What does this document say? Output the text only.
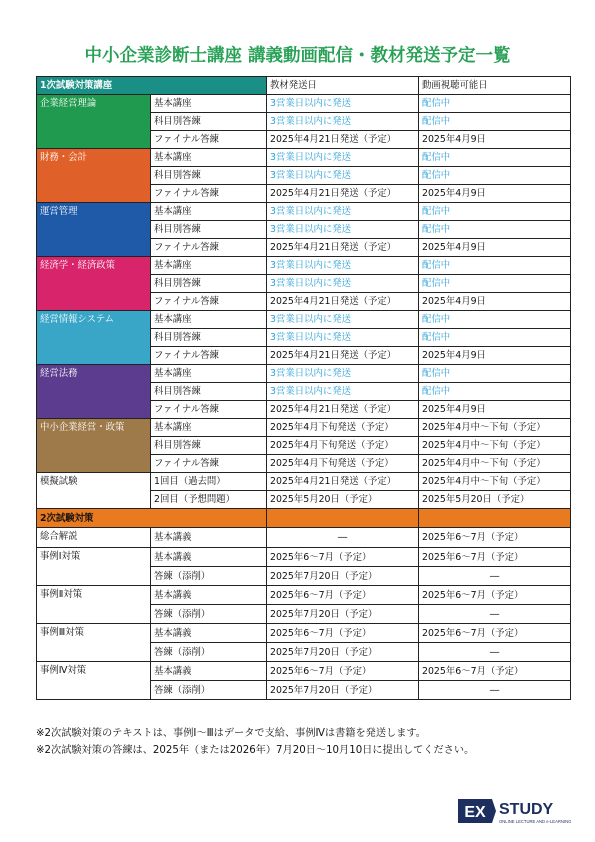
中小企業診断士講座 講義動画配信・教材発送予定一覧
1次試験対策講座		教材発送日	動画視聴可能日
企業経営理論	基本講座	3営業日以内に発送	配信中
	科目別答練	3営業日以内に発送	配信中
	ファイナル答練	2025年4月21日発送（予定）	2025年4月9日
財務・会計	基本講座	3営業日以内に発送	配信中
	科目別答練	3営業日以内に発送	配信中
	ファイナル答練	2025年4月21日発送（予定）	2025年4月9日
運営管理	基本講座	3営業日以内に発送	配信中
	科目別答練	3営業日以内に発送	配信中
	ファイナル答練	2025年4月21日発送（予定）	2025年4月9日
経済学・経済政策	基本講座	3営業日以内に発送	配信中
	科目別答練	3営業日以内に発送	配信中
	ファイナル答練	2025年4月21日発送（予定）	2025年4月9日
経営情報システム	基本講座	3営業日以内に発送	配信中
	科目別答練	3営業日以内に発送	配信中
	ファイナル答練	2025年4月21日発送（予定）	2025年4月9日
経営法務	基本講座	3営業日以内に発送	配信中
	科目別答練	3営業日以内に発送	配信中
	ファイナル答練	2025年4月21日発送（予定）	2025年4月9日
中小企業経営・政策	基本講座	2025年4月下旬発送（予定）	2025年4月中～下旬（予定）
	科目別答練	2025年4月下旬発送（予定）	2025年4月中～下旬（予定）
	ファイナル答練	2025年4月下旬発送（予定）	2025年4月中～下旬（予定）
模擬試験	1回目（過去問）	2025年4月21日発送（予定）	2025年4月中～下旬（予定）
	2回目（予想問題）	2025年5月20日（予定）	2025年5月20日（予定）
2次試験対策			
総合解説	基本講義	―	2025年6～7月（予定）
事例Ⅰ対策	基本講義	2025年6～7月（予定）	2025年6～7月（予定）
	答練（添削）	2025年7月20日（予定）	―
事例Ⅱ対策	基本講義	2025年6～7月（予定）	2025年6～7月（予定）
	答練（添削）	2025年7月20日（予定）	―
事例Ⅲ対策	基本講義	2025年6～7月（予定）	2025年6～7月（予定）
	答練（添削）	2025年7月20日（予定）	―
事例Ⅳ対策	基本講義	2025年6～7月（予定）	2025年6～7月（予定）
	答練（添削）	2025年7月20日（予定）	―
※2次試験対策のテキストは、事例Ⅰ～Ⅲはデータで支給、事例Ⅳは書籍を発送します。
※2次試験対策の答練は、2025年（または2026年）7月20日～10月10日に提出してください。
EX STUDY
ONLINE LECTURE AND e-LEARNING
